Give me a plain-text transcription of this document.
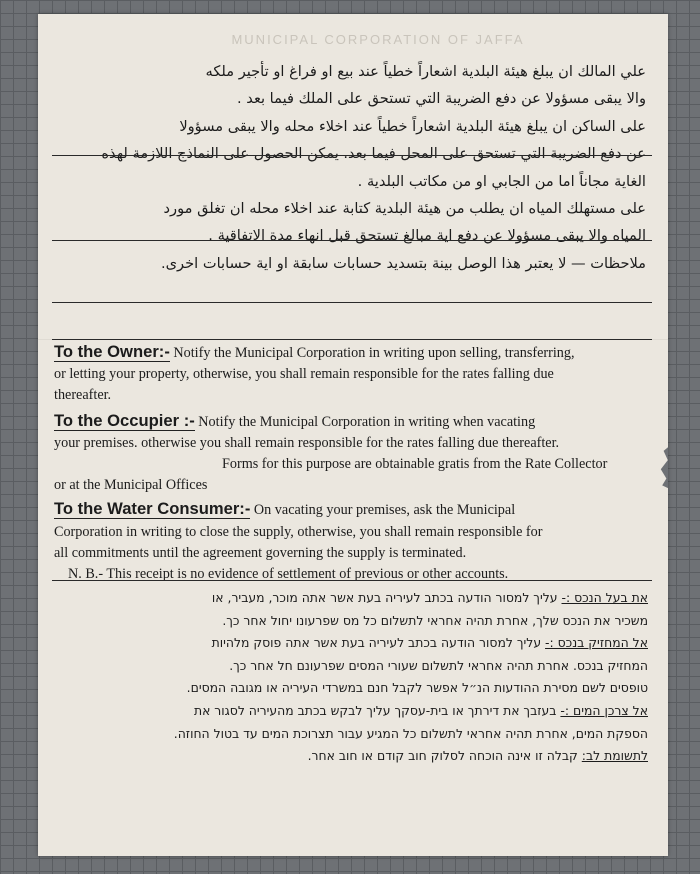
MUNICIPAL CORPORATION OF JAFFA

علي المالك ان يبلغ هيئة البلدية اشعاراً خطياً عند بيع او فراغ او تأجير ملكه

والا يبقى مسؤولا عن دفع الضريبة التي تستحق على الملك فيما بعد .

على الساكن ان يبلغ هيئة البلدية اشعاراً خطياً عند اخلاء محله والا يبقى مسؤولا

عن دفع الضريبة التي تستحق على المحل فيما بعد. يمكن الحصول على النماذج اللازمة لهذه

الغاية مجاناً اما من الجابي او من مكاتب البلدية .

على مستهلك المياه ان يطلب من هيئة البلدية كتابة عند اخلاء محله ان تغلق مورد

المياه والا يبقى مسؤولا عن دفع اية مبالغ تستحق قبل انهاء مدة الاتفاقية .

ملاحظات — لا يعتبر هذا الوصل بينة بتسديد حسابات سابقة او اية حسابات اخرى.

To the Owner:- Notify the Municipal Corporation in writing upon selling, transferring,

or letting your property, otherwise, you shall remain responsible for the rates falling due

thereafter.

To the Occupier :- Notify the Municipal Corporation in writing when vacating

your premises. otherwise you shall remain responsible for the rates falling due thereafter.

Forms for this purpose are obtainable gratis from the Rate Collector

or at the Municipal Offices

To the Water Consumer:- On vacating your premises, ask the Municipal

Corporation in writing to close the supply, otherwise, you shall remain responsible for

all commitments until the agreement governing the supply is terminated.

N. B.- This receipt is no evidence of settlement of previous or other accounts.

את בעל הנכס :- עליך למסור הודעה בכתב לעיריה בעת אשר אתה מוכר, מעביר, או

משכיר את הנכס שלך, אחרת תהיה אחראי לתשלום כל מס שפרעונו יחול אחר כך.

אל המחזיק בנכס :- עליך למסור הודעה בכתב לעיריה בעת אשר אתה פוסק מלהיות

המחזיק בנכס. אחרת תהיה אחראי לתשלום שעורי המסים שפרעונם חל אחר כך.

טופסים לשם מסירת ההודעות הנ״ל אפשר לקבל חנם במשרדי העיריה או מגובה המסים.

אל צרכן המים :- בעזבך את דירתך או בית-עסקך עליך לבקש בכתב מהעיריה לסגור את

הספקת המים, אחרת תהיה אחראי לתשלום כל המגיע עבור תצרוכת המים עד בטול החוזה.

לתשומת לב: קבלה זו אינה הוכחה לסלוק חוב קודם או חוב אחר.
